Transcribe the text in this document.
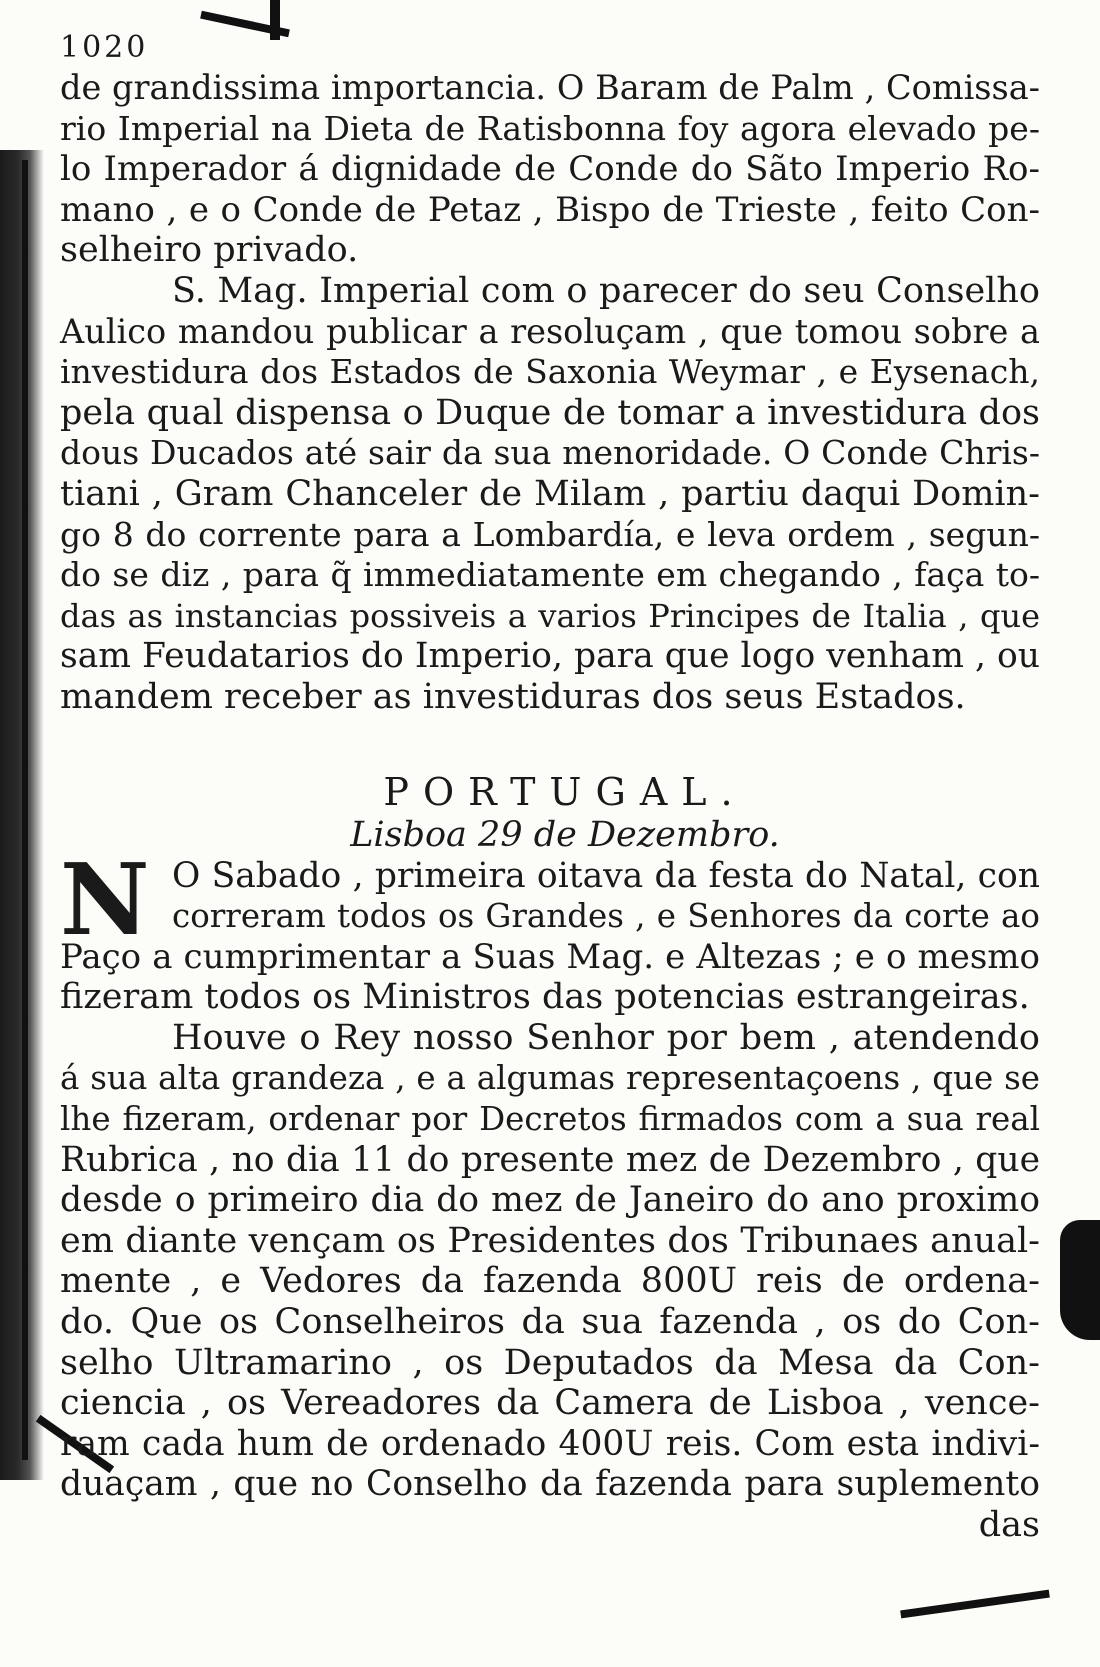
1020
de grandissima importancia. O Baram de Palm , Comissa-
rio Imperial na Dieta de Ratisbonna foy agora elevado pe-
lo Imperador á dignidade de Conde do Sãto Imperio Ro-
mano , e o Conde de Petaz , Bispo de Trieste , feito Con-
selheiro privado.
S. Mag. Imperial com o parecer do seu Conselho
Aulico mandou publicar a resoluçam , que tomou sobre a
investidura dos Estados de Saxonia Weymar , e Eysenach,
pela qual dispensa o Duque de tomar a investidura dos
dous Ducados até sair da sua menoridade. O Conde Chris-
tiani , Gram Chanceler de Milam , partiu daqui Domin-
go 8 do corrente para a Lombardía, e leva ordem , segun-
do se diz , para q̃ immediatamente em chegando , faça to-
das as instancias possiveis a varios Principes de Italia , que
sam Feudatarios do Imperio, para que logo venham , ou
mandem receber as investiduras dos seus Estados.
PORTUGAL.
Lisboa 29 de Dezembro.
N O Sabado , primeira oitava da festa do Natal, con
correram todos os Grandes , e Senhores da corte ao
Paço a cumprimentar a Suas Mag. e Altezas ; e o mesmo
fizeram todos os Ministros das potencias estrangeiras.
Houve o Rey nosso Senhor por bem , atendendo
á sua alta grandeza , e a algumas representaçoens , que se
lhe fizeram, ordenar por Decretos firmados com a sua real
Rubrica , no dia 11 do presente mez de Dezembro , que
desde o primeiro dia do mez de Janeiro do ano proximo
em diante vençam os Presidentes dos Tribunaes anual-
mente , e Vedores da fazenda 800U reis de ordena-
do. Que os Conselheiros da sua fazenda , os do Con-
selho Ultramarino , os Deputados da Mesa da Con-
ciencia , os Vereadores da Camera de Lisboa , vence-
ram cada hum de ordenado 400U reis. Com esta indivi-
duaçam , que no Conselho da fazenda para suplemento
das
